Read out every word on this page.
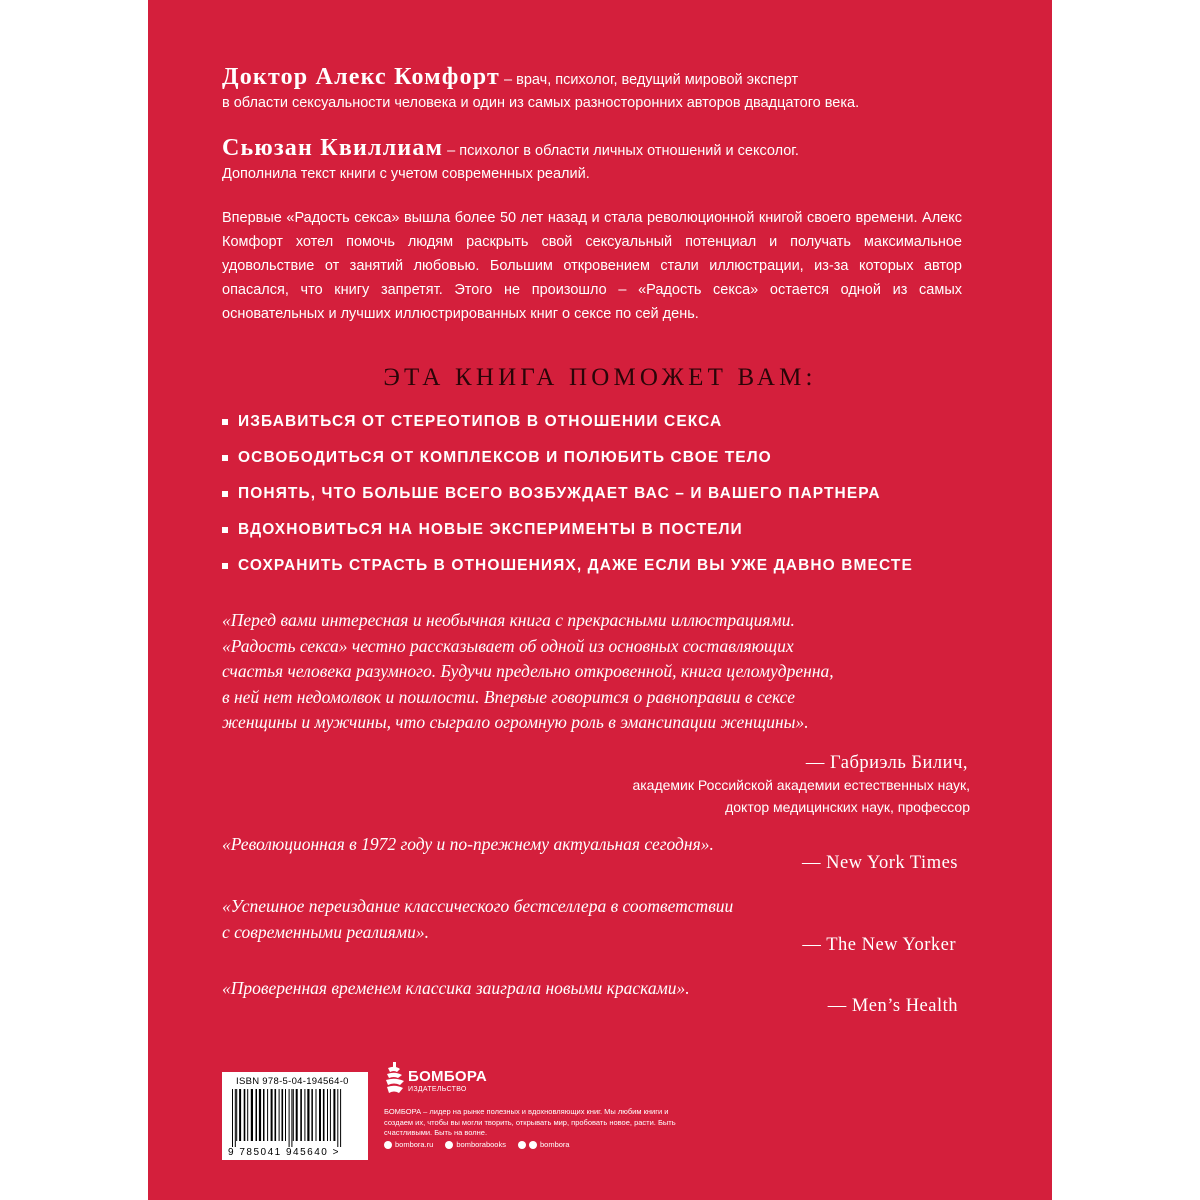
Доктор Алекс Комфорт – врач, психолог, ведущий мировой эксперт
в области сексуальности человека и один из самых разносторонних авторов двадцатого века.

Сьюзан Квиллиам – психолог в области личных отношений и сексолог.
Дополнила текст книги с учетом современных реалий.

Впервые «Радость секса» вышла более 50 лет назад и стала революционной книгой своего времени. Алекс Комфорт хотел помочь людям раскрыть свой сексуальный потенциал и получать максимальное удовольствие от занятий любовью. Большим откровением стали иллюстрации, из-за которых автор опасался, что книгу запретят. Этого не произошло – «Радость секса» остается одной из самых основательных и лучших иллюстрированных книг о сексе по сей день.

ЭТА КНИГА ПОМОЖЕТ ВАМ:
ИЗБАВИТЬСЯ ОТ СТЕРЕОТИПОВ В ОТНОШЕНИИ СЕКСА
ОСВОБОДИТЬСЯ ОТ КОМПЛЕКСОВ И ПОЛЮБИТЬ СВОЕ ТЕЛО
ПОНЯТЬ, ЧТО БОЛЬШЕ ВСЕГО ВОЗБУЖДАЕТ ВАС – И ВАШЕГО ПАРТНЕРА
ВДОХНОВИТЬСЯ НА НОВЫЕ ЭКСПЕРИМЕНТЫ В ПОСТЕЛИ
СОХРАНИТЬ СТРАСТЬ В ОТНОШЕНИЯХ, ДАЖЕ ЕСЛИ ВЫ УЖЕ ДАВНО ВМЕСТЕ

«Перед вами интересная и необычная книга с прекрасными иллюстрациями.
«Радость секса» честно рассказывает об одной из основных составляющих
счастья человека разумного. Будучи предельно откровенной, книга целомудренна,
в ней нет недомолвок и пошлости. Впервые говорится о равноправии в сексе
женщины и мужчины, что сыграло огромную роль в эмансипации женщины».

— Габриэль Билич,
академик Российской академии естественных наук,
доктор медицинских наук, профессор

«Революционная в 1972 году и по-прежнему актуальная сегодня».

— New York Times

«Успешное переиздание классического бестселлера в соответствии
с современными реалиями».

— The New Yorker

«Проверенная временем классика заиграла новыми красками».

— Men’s Health
ISBN 978-5-04-194564-0
9 785041 945640 >
БОМБОРА
ИЗДАТЕЛЬСТВО
БОМБОРА – лидер на рынке полезных и вдохновляющих книг. Мы любим книги и создаем их, чтобы вы могли творить, открывать мир, пробовать новое, расти. Быть счастливыми. Быть на волне.
bombora.ru	bomborabooks	bombora
